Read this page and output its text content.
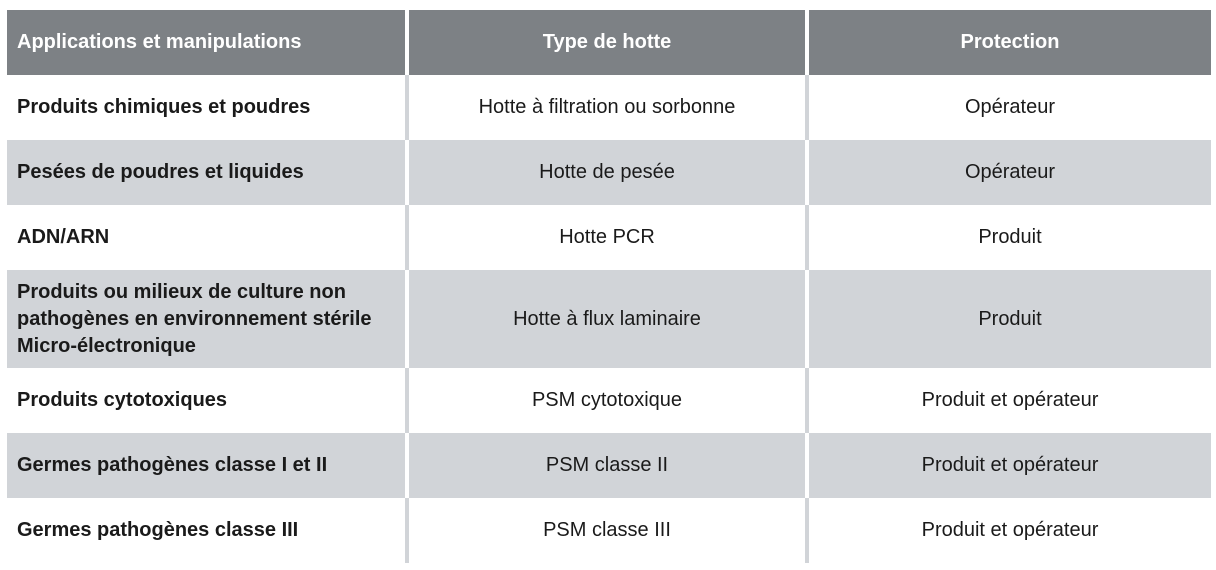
Applications et manipulations	Type de hotte	Protection
Produits chimiques et poudres	Hotte à filtration ou sorbonne	Opérateur
Pesées de poudres et liquides	Hotte de pesée	Opérateur
ADN/ARN	Hotte PCR	Produit
Produits ou milieux de culture non
pathogènes en environnement stérile
Micro-électronique	Hotte à flux laminaire	Produit
Produits cytotoxiques	PSM cytotoxique	Produit et opérateur
Germes pathogènes classe I et II	PSM classe II	Produit et opérateur
Germes pathogènes classe III	PSM classe III	Produit et opérateur
